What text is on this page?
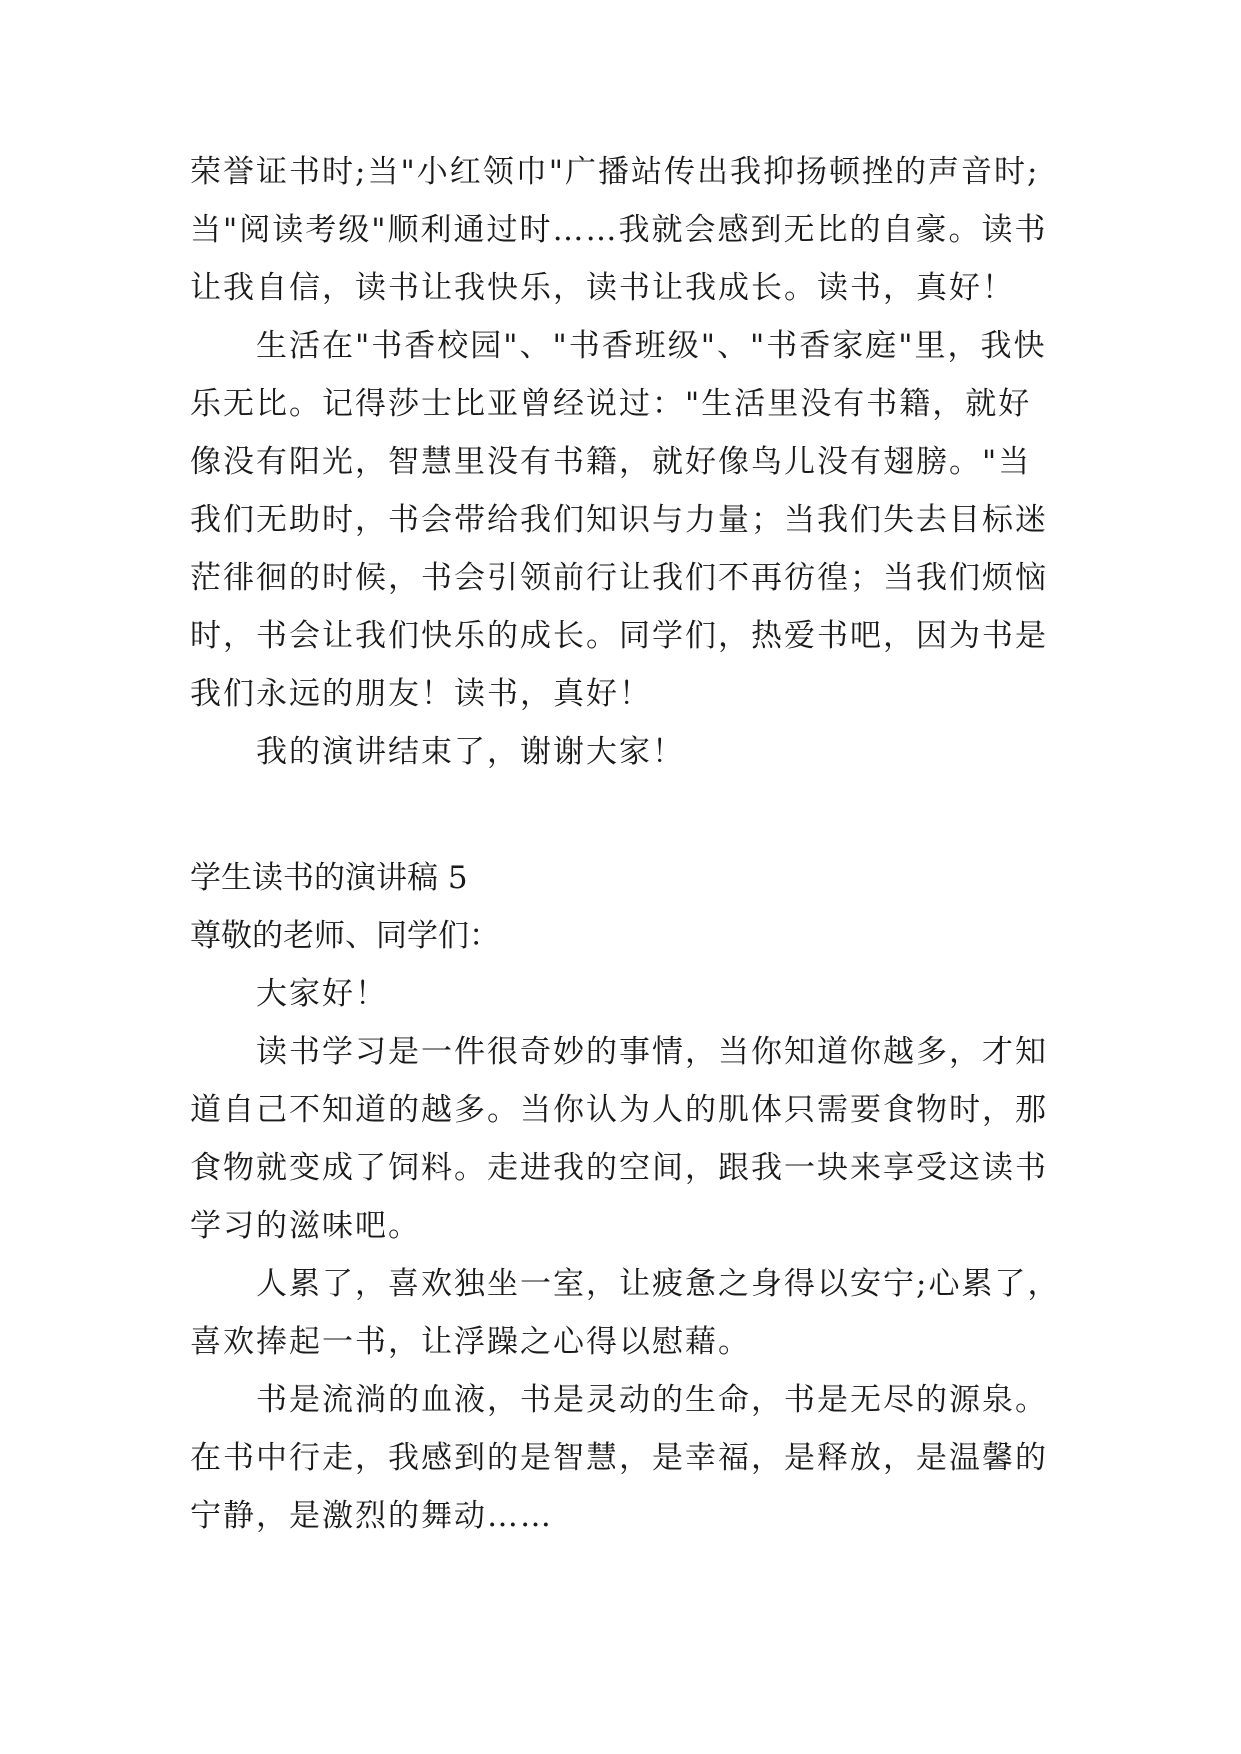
荣誉证书时;当"小红领巾"广播站传出我抑扬顿挫的声音时;
当"阅读考级"顺利通过时……我就会感到无比的自豪。读书
让我自信，读书让我快乐，读书让我成长。读书，真好！
生活在"书香校园"、"书香班级"、"书香家庭"里，我快
乐无比。记得莎士比亚曾经说过："生活里没有书籍，就好
像没有阳光，智慧里没有书籍，就好像鸟儿没有翅膀。"当
我们无助时，书会带给我们知识与力量；当我们失去目标迷
茫徘徊的时候，书会引领前行让我们不再彷徨；当我们烦恼
时，书会让我们快乐的成长。同学们，热爱书吧，因为书是
我们永远的朋友！读书，真好！
我的演讲结束了，谢谢大家！
学生读书的演讲稿 5
尊敬的老师、同学们：
大家好！
读书学习是一件很奇妙的事情，当你知道你越多，才知
道自己不知道的越多。当你认为人的肌体只需要食物时，那
食物就变成了饲料。走进我的空间，跟我一块来享受这读书
学习的滋味吧。
人累了，喜欢独坐一室，让疲惫之身得以安宁;心累了，
喜欢捧起一书，让浮躁之心得以慰藉。
书是流淌的血液，书是灵动的生命，书是无尽的源泉。
在书中行走，我感到的是智慧，是幸福，是释放，是温馨的
宁静，是激烈的舞动……
